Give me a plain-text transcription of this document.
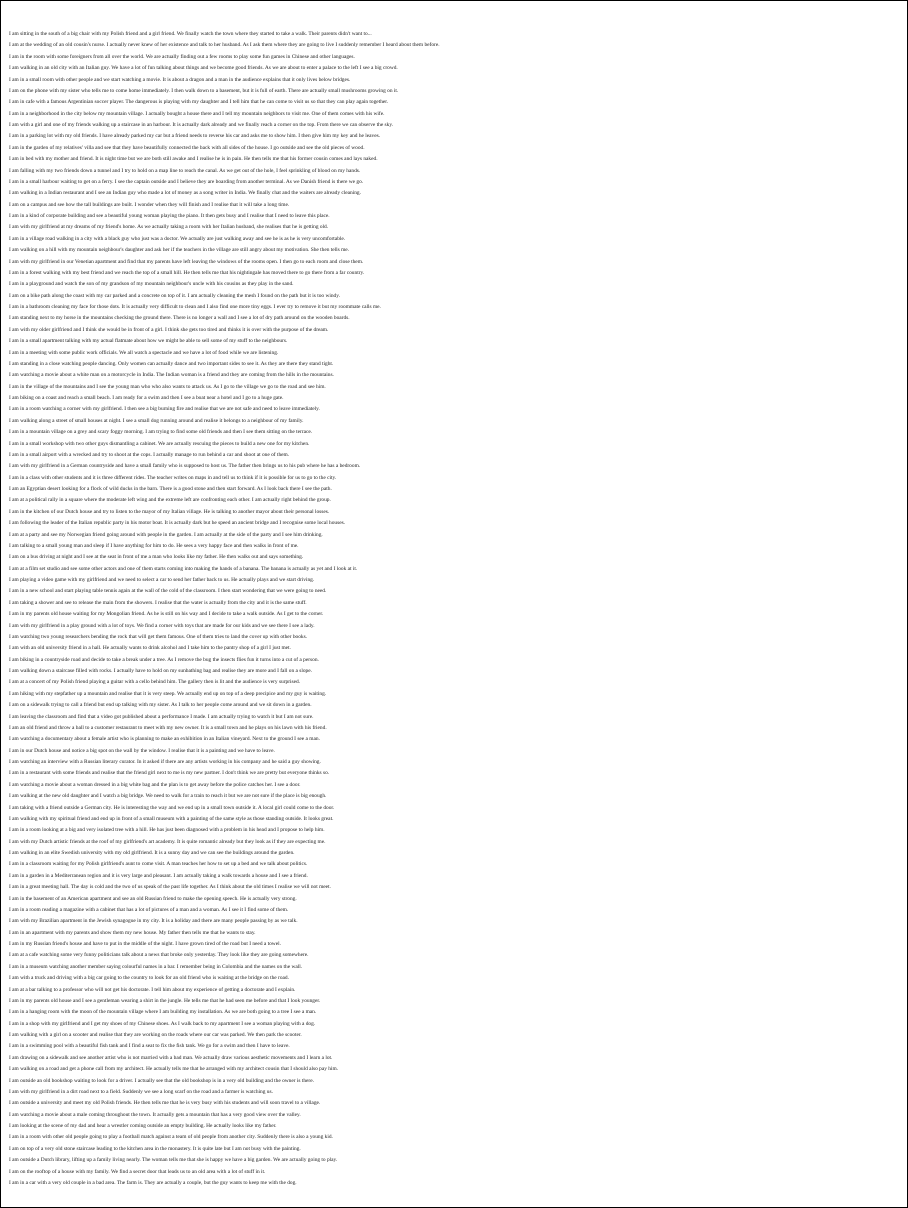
I am sitting in the south of a big chair with my Polish friend and a girl friend. We finally watch the town where they started to take a walk. Their parents didn't want to...
I am at the wedding of an old cousin's nurse. I actually never knew of her existence and talk to her husband. As I ask them where they are going to live I suddenly remember I heard about them before.
I am in the room with some foreigners from all over the world. We are actually finding out a few rooms to play some fun games in Chinese and other languages.
I am walking in an old city with an Italian guy. We have a lot of fun talking about things and we become good friends. As we are about to enter a palace to the left I see a big crowd.
I am in a small room with other people and we start watching a movie. It is about a dragon and a man in the audience explains that it only lives below bridges.
I am on the phone with my sister who tells me to come home immediately. I then walk down to a basement, but it is full of earth. There are actually small mushrooms growing on it.
I am in cafe with a famous Argentinian soccer player. The dangerous is playing with my daughter and I tell him that he can come to visit us so that they can play again together.
I am in a neighborhood in the city below my mountain village. I actually bought a house there and I tell my mountain neighbors to visit me. One of them comes with his wife.
I am with a girl and one of my friends walking up a staircase in an harbour. It is actually dark already and we finally reach a corner on the top. From there we can observe the sky.
I am in a parking lot with my old friends. I have already parked my car but a friend needs to reverse his car and asks me to show him. I then give him my key and he leaves.
I am in the garden of my relatives' villa and see that they have beautifully connected the back with all sides of the house. I go outside and see the old pieces of wood.
I am in bed with my mother and friend. It is night time but we are both still awake and I realise he is in pain. He then tells me that his former cousin comes and lays naked.
I am falling with my two friends down a tunnel and I try to hold on a map line to reach the canal. As we get out of the hole, I feel sprinkling of blood on my hands.
I am in a small harbour waiting to get on a ferry. I see the captain outside and I believe they are boarding from another terminal. As we Danish friend is there we go.
I am walking in a Indian restaurant and I see an Indian guy who made a lot of money as a song writer in India. We finally chat and the waiters are already cleaning.
I am on a campus and see how the tall buildings are built. I wonder when they will finish and I realise that it will take a long time.
I am in a kind of corporate building and see a beautiful young woman playing the piano. It then gets busy and I realise that I need to leave this place.
I am with my girlfriend at my dreams of my friend's home. As we actually taking a room with her Italian husband, she realises that he is getting old.
I am in a village road walking in a city with a black guy who just was a doctor. We actually are just walking away and see he is as he is very uncomfortable.
I am walking on a hill with my mountain neighbour's daughter and ask her if the teachers in the village are still angry about my motivation. She then tells me.
I am with my girlfriend in our Venetian apartment and find that my parents have left leaving the windows of the rooms open. I then go to each room and close them.
I am in a forest walking with my best friend and we reach the top of a small hill. He then tells me that his nightingale has moved there to go there from a far country.
I am in a playground and watch the son of my grandson of my mountain neighbour's uncle with his cousins as they play in the sand.
I am on a bike path along the coast with my car parked and a concrete on top of it. I am actually cleaning the mesh I found on the path but it is too windy.
I am in a bathroom cleaning my face for those dots. It is actually very difficult to clean and I also find one more tiny eggs. I ever try to remove it but my roommate calls me.
I am standing next to my horse in the mountains checking the ground there. There is no longer a wall and I see a lot of dry path around on the wooden boards.
I am with my older girlfriend and I think she would be in front of a girl. I think she gets too tired and thinks it is over with the purpose of the dream.
I am in a small apartment talking with my actual flatmate about how we might be able to sell some of my stuff to the neighbours.
I am in a meeting with some public work officials. We all watch a spectacle and we have a lot of food while we are listening.
I am standing in a close watching people dancing. Only women can actually dance and two important sides to see it. As they are there they stand tight.
I am watching a movie about a white man on a motorcycle in India. The Indian woman is a friend and they are coming from the hills in the mountains.
I am in the village of the mountains and I see the young man who who also wants to attack us. As I go to the village we go to the road and see him.
I am biking on a coast and reach a small beach. I am ready for a swim and then I see a boat near a hotel and I go to a huge gate.
I am in a room watching a corner with my girlfriend. I then see a big burning fire and realise that we are not safe and need to leave immediately.
I am walking along a street of small houses at night. I see a small dog running around and realise it belongs to a neighbour of my family.
I am in a mountain village on a grey and scary foggy morning. I am trying to find some old friends and then I see them sitting on the terrace.
I am in a small workshop with two other guys dismantling a cabinet. We are actually rescuing the pieces to build a new one for my kitchen.
I am in a small airport with a wrecked and try to shoot at the cops. I actually manage to run behind a car and shoot at one of them.
I am with my girlfriend in a German countryside and have a small family who is supposed to host us. The father then brings us to his pub where he has a bedroom.
I am in a class with other students and it is three different rides. The teacher writes on maps in and tell us to think if it is possible for us to go to the city.
I am an Egyptian desert looking for a flock of wild ducks in the barn. There is a good stone and then start forward. As I look back there I see the path.
I am at a political rally in a square where the moderate left wing and the extreme left are confronting each other. I am actually right behind the group.
I am in the kitchen of our Dutch house and try to listen to the mayor of my Italian village. He is talking to another mayor about their personal losses.
I am following the leader of the Italian republic party in his motor boat. It is actually dark but he speed an ancient bridge and I recognise some local houses.
I am at a party and see my Norwegian friend going around with people in the garden. I am actually at the side of the party and I see him drinking.
I am talking to a small young man and sleep if I have anything for him to do. He sees a very happy face and then walks in front of me.
I am on a bus driving at night and I see at the seat in front of me a man who looks like my father. He then walks out and says something.
I am at a film set studio and see some other actors and one of them starts coming into making the hands of a banana. The banana is actually as yet and I look at it.
I am playing a video game with my girlfriend and we need to select a car to send her father back to us. He actually plays and we start driving.
I am in a new school and start playing table tennis again at the wall of the cold of the classroom. I then start wondering that we were going to need.
I am taking a shower and see to release the main from the showers. I realise that the water is actually from the city and it is the same stuff.
I am in my parents old house waiting for my Mongolian friend. As he is still on his way and I decide to take a walk outside. As I get to the corner.
I am with my girlfriend in a play ground with a lot of toys. We find a corner with toys that are made for our kids and we see there I see a lady.
I am watching two young researchers bending the rock that will get them famous. One of them tries to land the cover up with other books.
I am with an old university friend in a hall. He actually wants to drink alcohol and I take him to the pantry shop of a girl I just met.
I am biking in a countryside road and decide to take a break under a tree. As I remove the bug the insects flies fun it turns into a cut of a person.
I am walking down a staircase filled with rocks. I actually have to hold on my sunbathing bag and realise they are more and I fall on a slope.
I am at a concert of my Polish friend playing a guitar with a cello behind him. The gallery then is lit and the audience is very surprised.
I am hiking with my stepfather up a mountain and realise that it is very steep. We actually end up on top of a deep precipice and my guy is waiting.
I am on a sidewalk trying to call a friend but end up talking with my sister. As I talk to her people come around and we sit down in a garden.
I am leaving the classroom and find that a video got published about a performance I made. I am actually trying to watch it but I am not sure.
I am an old friend and throw a ball to a customer restaurant to meet with my new owner. It is a small town and he plays on his lawn with his friend.
I am watching a documentary about a female artist who is planning to make an exhibition in an Italian vineyard. Next to the ground I see a man.
I am in our Dutch house and notice a big spot on the wall by the window. I realise that it is a painting and we have to leave.
I am watching an interview with a Russian literary curator. In it asked if there are any artists working in his company and he said a guy showing.
I am in a restaurant with some friends and realise that the friend girl next to me is my new partner. I don't think we are pretty but everyone thinks so.
I am watching a movie about a woman dressed in a big white bag and the plan is to get away before the police catches her. I see a door.
I am walking at the new old daughter and I watch a big bridge. We need to walk for a train to reach it but we are not sure if the place is big enough.
I am taking with a friend outside a German city. He is interesting the way and we end up in a small town outside it. A local girl could come to the door.
I am walking with my spiritual friend and end up in front of a small museum with a painting of the same style as those standing outside. It looks great.
I am in a room looking at a big and very isolated tree with a hill. He has just been diagnosed with a problem in his head and I propose to help him.
I am with my Dutch artistic friends at the roof of my girlfriend's art academy. It is quite romantic already but they look as if they are expecting me.
I am walking in an elite Swedish university with my old girlfriend. It is a sunny day and we can see the buildings around the garden.
I am in a classroom waiting for my Polish girlfriend's aunt to come visit. A man teaches her how to set up a bed and we talk about politics.
I am in a garden in a Mediterranean region and it is very large and pleasant. I am actually taking a walk towards a house and I see a friend.
I am in a great meeting hall. The day is cold and the two of us speak of the past life together. As I think about the old times I realise we will not meet.
I am in the basement of an American apartment and see an old Russian friend to make the opening speech. He is actually very strong.
I am in a room reading a magazine with a cabinet that has a lot of pictures of a man and a woman. As I see it I find some of them.
I am with my Brazilian apartment in the Jewish synagogue in my city. It is a holiday and there are many people passing by as we talk.
I am in an apartment with my parents and show them my new house. My father then tells me that he wants to stay.
I am in my Russian friend's house and have to put in the middle of the night. I have grown tired of the road but I need a towel.
I am at a cafe watching some very funny politicians talk about a news that broke only yesterday. They look like they are going somewhere.
I am in a museum watching another member saying colourful names in a bar. I remember being in Colombia and the names on the wall.
I am with a truck and driving with a big car going to the country to look for an old friend who is waiting at the bridge on the road.
I am at a bar talking to a professor who will not get his doctorate. I tell him about my experience of getting a doctorate and I explain.
I am in my parents old house and I see a gentleman wearing a shirt in the jungle. He tells me that he had seen me before and that I look younger.
I am in a hanging room with the moon of the mountain village where I am building my installation. As we are both going to a tree I see a man.
I am in a shop with my girlfriend and I get my shoes of my Chinese shoes. As I walk back to my apartment I see a woman playing with a dog.
I am walking with a girl on a scooter and realise that they are working on the roads where our car was parked. We then park the scooter.
I am in a swimming pool with a beautiful fish tank and I find a seat to fix the fish tank. We go for a swim and then I have to leave.
I am drawing on a sidewalk and see another artist who is not married with a bad man. We actually draw various aesthetic movements and I learn a lot.
I am walking on a road and get a phone call from my architect. He actually tells me that he arranged with my architect cousin that I should also pay him.
I am outside an old bookshop waiting to look for a driver. I actually see that the old bookshop is in a very old building and the owner is there.
I am with my girlfriend in a dirt road next to a field. Suddenly we see a long scarf on the road and a farmer is watching us.
I am outside a university and meet my old Polish friends. He then tells me that he is very busy with his students and will soon travel to a village.
I am watching a movie about a male coming throughout the town. It actually gets a mountain that has a very good view over the valley.
I am looking at the scene of my dad and hear a wrestler coming outside an empty building. He actually looks like my father.
I am in a room with other old people going to play a football match against a team of old people from another city. Suddenly there is also a young kid.
I am on top of a very old stone staircase leading to the kitchen area in the monastery. It is quite late but I am not busy with the painting.
I am outside a Dutch library, lifting up a family living nearly. The woman tells me that she is happy we have a big garden. We are actually going to play.
I am on the rooftop of a house with my family. We find a secret door that leads us to an old area with a lot of stuff in it.
I am in a car with a very old couple in a bad area. The farm is. They are actually a couple, but the guy wants to keep me with the dog.
